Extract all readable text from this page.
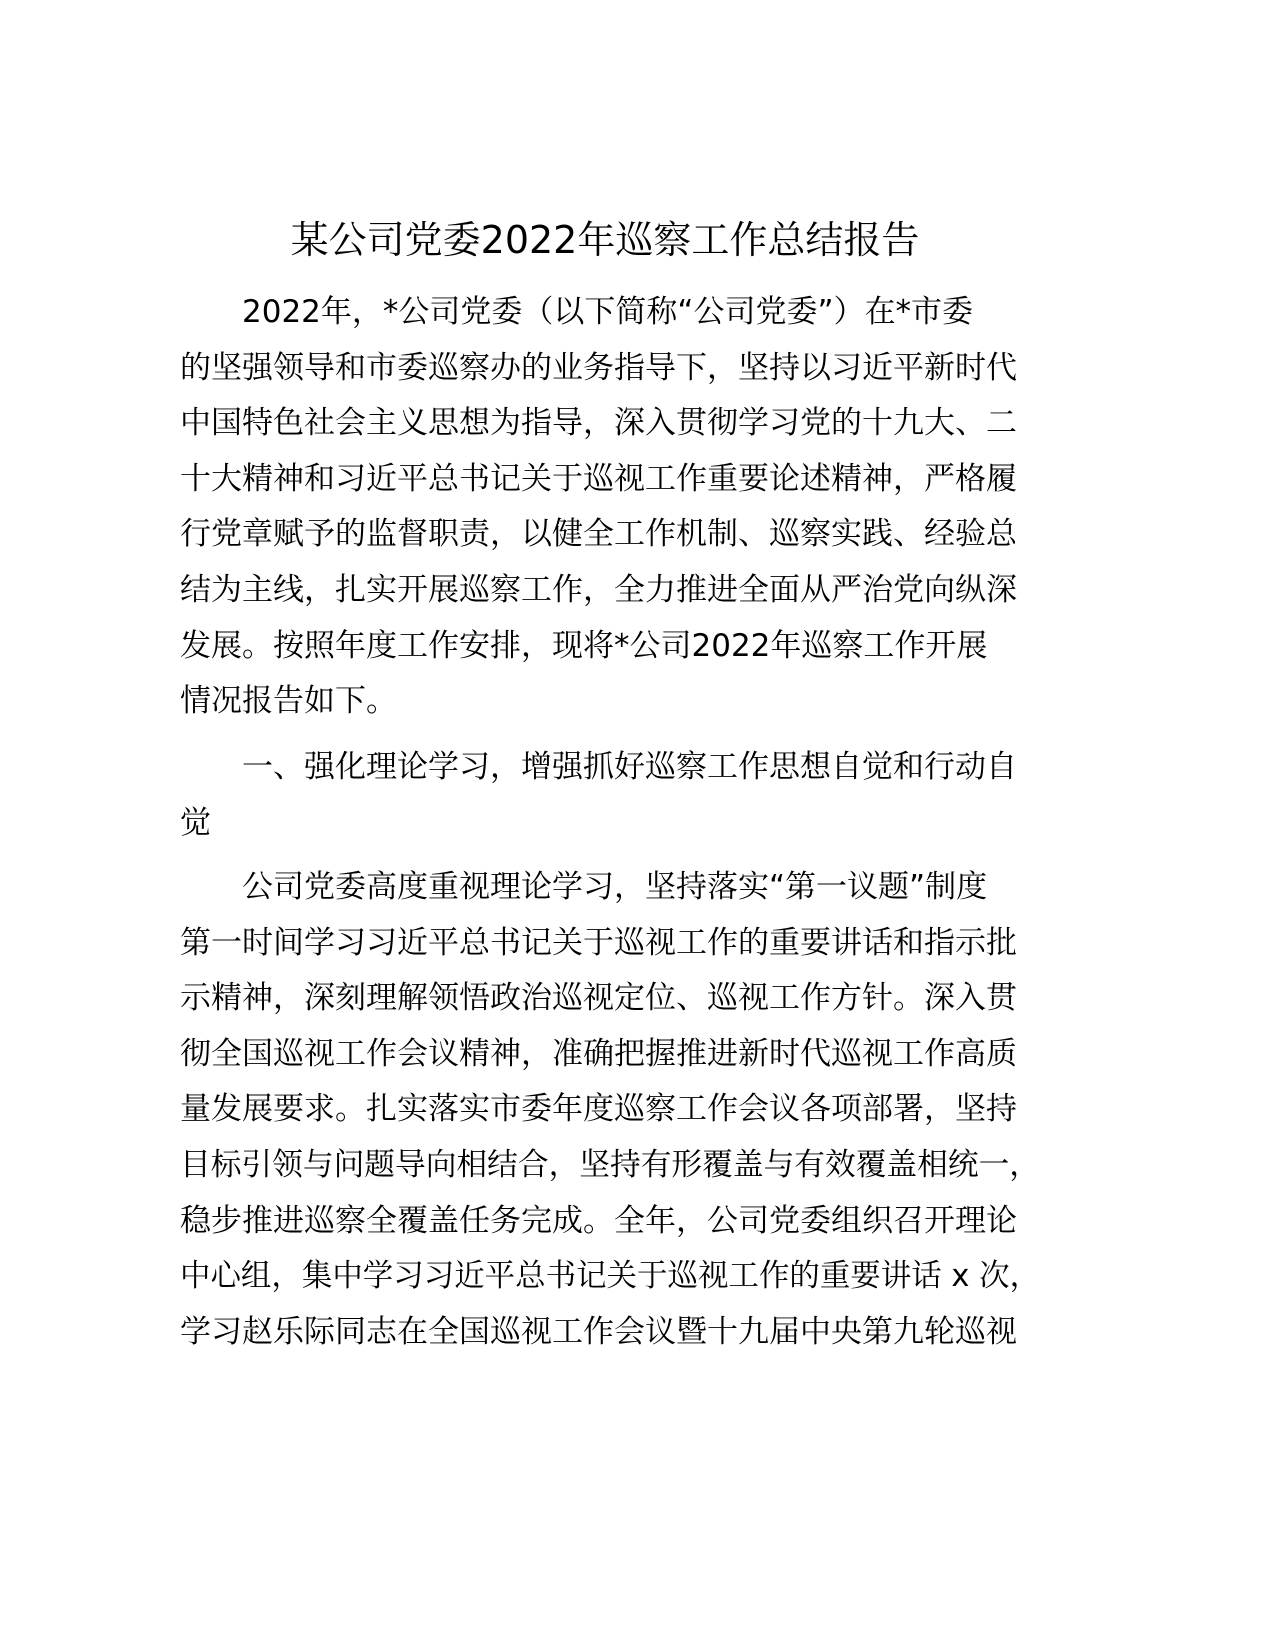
某公司党委2022年巡察工作总结报告
2022年，*公司党委（以下简称“公司党委”）在*市委
的坚强领导和市委巡察办的业务指导下，坚持以习近平新时代
中国特色社会主义思想为指导，深入贯彻学习党的十九大、二
十大精神和习近平总书记关于巡视工作重要论述精神，严格履
行党章赋予的监督职责，以健全工作机制、巡察实践、经验总
结为主线，扎实开展巡察工作，全力推进全面从严治党向纵深
发展。按照年度工作安排，现将*公司2022年巡察工作开展
情况报告如下。
一、强化理论学习，增强抓好巡察工作思想自觉和行动自
觉
公司党委高度重视理论学习，坚持落实“第一议题”制度
第一时间学习习近平总书记关于巡视工作的重要讲话和指示批
示精神，深刻理解领悟政治巡视定位、巡视工作方针。深入贯
彻全国巡视工作会议精神，准确把握推进新时代巡视工作高质
量发展要求。扎实落实市委年度巡察工作会议各项部署，坚持
目标引领与问题导向相结合，坚持有形覆盖与有效覆盖相统一，
稳步推进巡察全覆盖任务完成。全年，公司党委组织召开理论
中心组，集中学习习近平总书记关于巡视工作的重要讲话 x 次，
学习赵乐际同志在全国巡视工作会议暨十九届中央第九轮巡视
